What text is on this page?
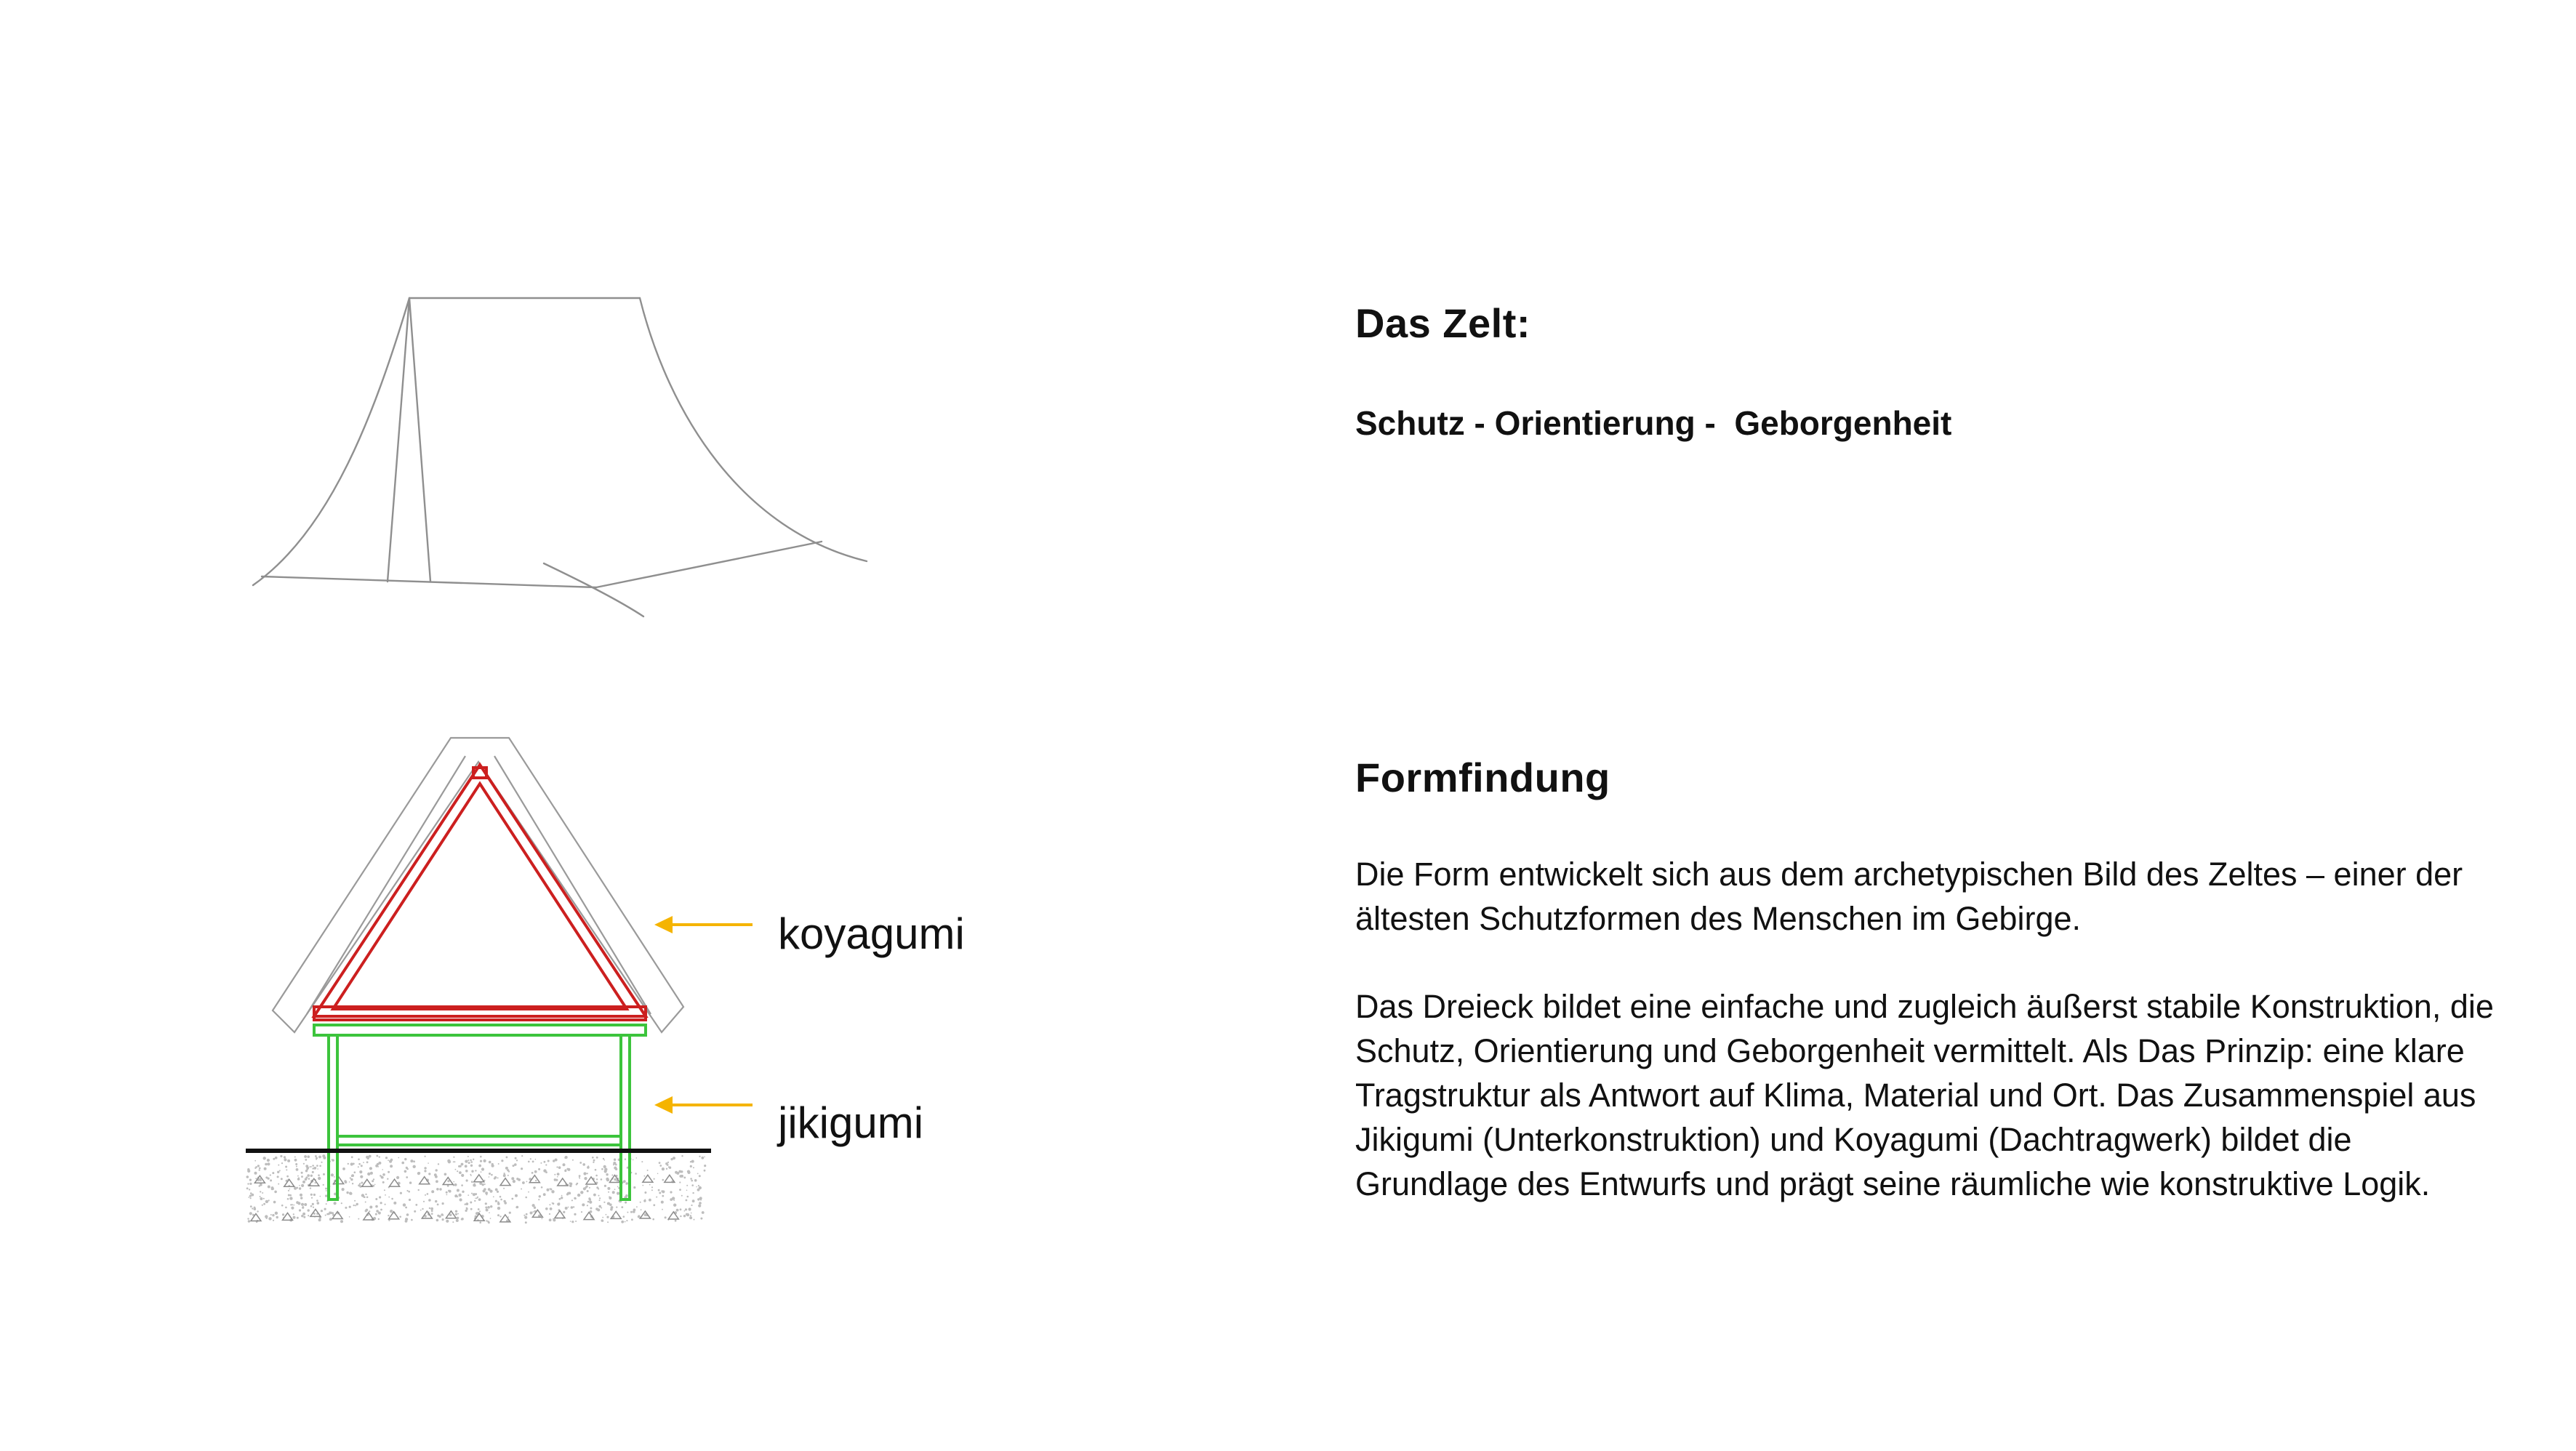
koyagumi
jikigumi
Das Zelt:

Schutz - Orientierung -  Geborgenheit

Formfindung

Die Form entwickelt sich aus dem archetypischen Bild des Zeltes – einer der ältesten Schutzformen des Menschen im Gebirge.

Das Dreieck bildet eine einfache und zugleich äußerst stabile Konstruktion, die Schutz, Orientierung und Geborgenheit vermittelt. Als Das Prinzip: eine klare Tragstruktur als Antwort auf Klima, Material und Ort. Das Zusammenspiel aus Jikigumi (Unterkonstruktion) und Koyagumi (Dachtragwerk) bildet die Grundlage des Entwurfs und prägt seine räumliche wie konstruktive Logik.
